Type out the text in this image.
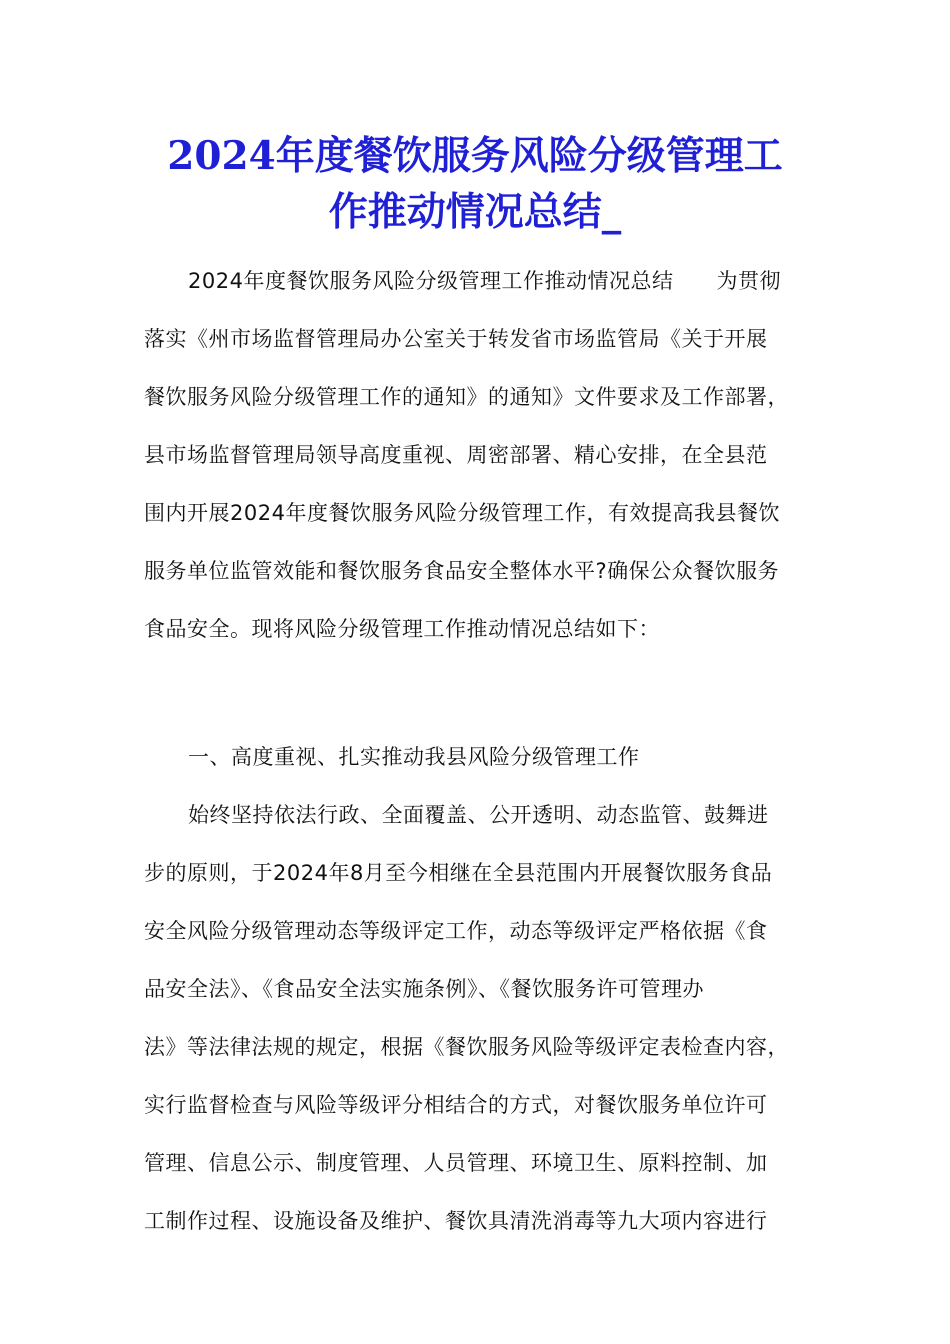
2024年度餐饮服务风险分级管理工
作推动情况总结_
2024年度餐饮服务风险分级管理工作推动情况总结　　为贯彻
落实《州市场监督管理局办公室关于转发省市场监管局《关于开展
餐饮服务风险分级管理工作的通知》的通知》文件要求及工作部署，
县市场监督管理局领导高度重视、周密部署、精心安排，在全县范
围内开展2024年度餐饮服务风险分级管理工作，有效提高我县餐饮
服务单位监管效能和餐饮服务食品安全整体水平?确保公众餐饮服务
食品安全。现将风险分级管理工作推动情况总结如下：
一、高度重视、扎实推动我县风险分级管理工作
始终坚持依法行政、全面覆盖、公开透明、动态监管、鼓舞进
步的原则，于2024年8月至今相继在全县范围内开展餐饮服务食品
安全风险分级管理动态等级评定工作，动态等级评定严格依据《食
品安全法》、《食品安全法实施条例》、《餐饮服务许可管理办
法》等法律法规的规定，根据《餐饮服务风险等级评定表检查内容，
实行监督检查与风险等级评分相结合的方式，对餐饮服务单位许可
管理、信息公示、制度管理、人员管理、环境卫生、原料控制、加
工制作过程、设施设备及维护、餐饮具清洗消毒等九大项内容进行
